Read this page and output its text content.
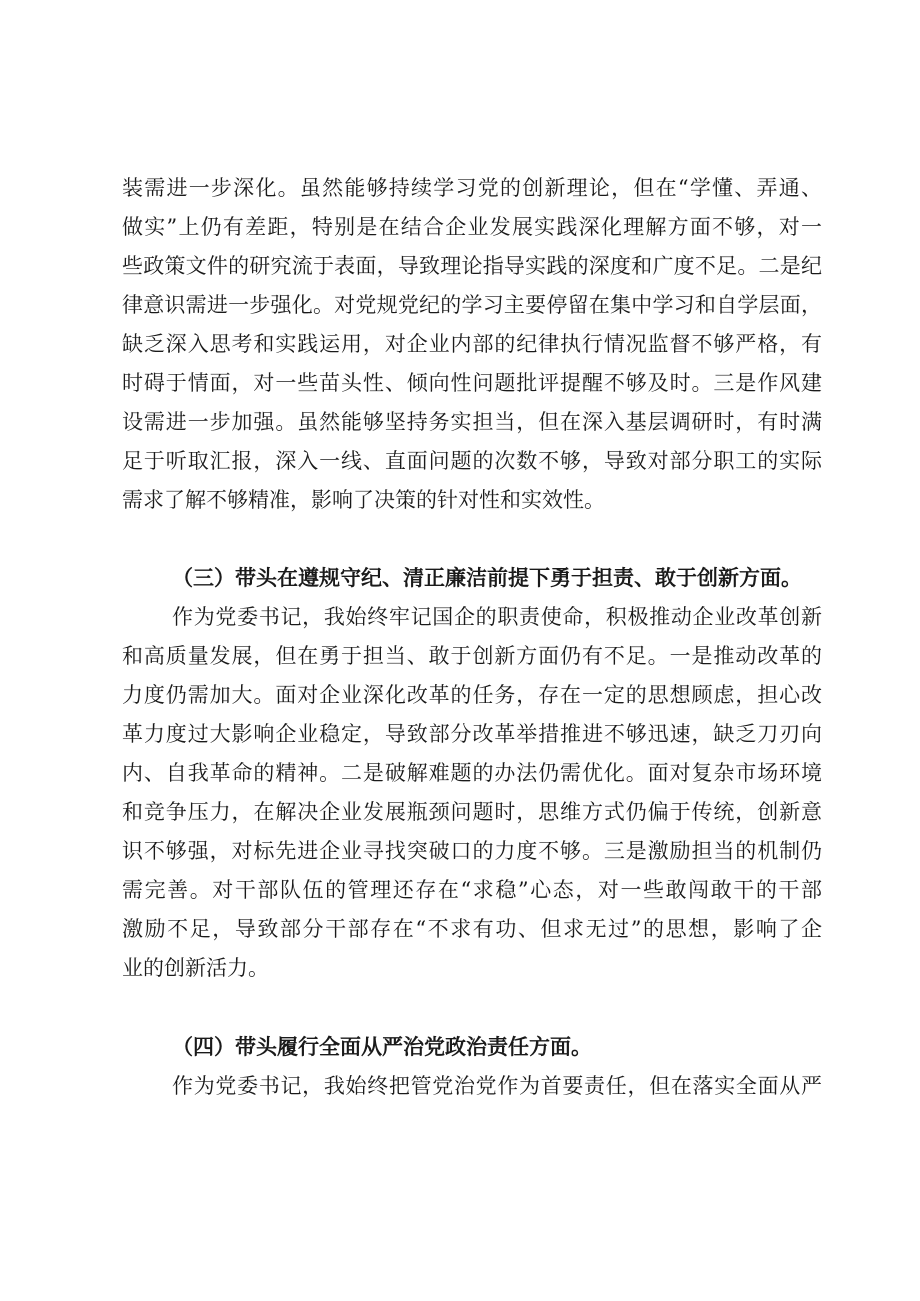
装需进一步深化。虽然能够持续学习党的创新理论，但在“学懂、弄通、

做实”上仍有差距，特别是在结合企业发展实践深化理解方面不够，对一

些政策文件的研究流于表面，导致理论指导实践的深度和广度不足。二是纪

律意识需进一步强化。对党规党纪的学习主要停留在集中学习和自学层面，

缺乏深入思考和实践运用，对企业内部的纪律执行情况监督不够严格，有

时碍于情面，对一些苗头性、倾向性问题批评提醒不够及时。三是作风建

设需进一步加强。虽然能够坚持务实担当，但在深入基层调研时，有时满

足于听取汇报，深入一线、直面问题的次数不够，导致对部分职工的实际

需求了解不够精准，影响了决策的针对性和实效性。

（三）带头在遵规守纪、清正廉洁前提下勇于担责、敢于创新方面。

作为党委书记，我始终牢记国企的职责使命，积极推动企业改革创新

和高质量发展，但在勇于担当、敢于创新方面仍有不足。一是推动改革的

力度仍需加大。面对企业深化改革的任务，存在一定的思想顾虑，担心改

革力度过大影响企业稳定，导致部分改革举措推进不够迅速，缺乏刀刃向

内、自我革命的精神。二是破解难题的办法仍需优化。面对复杂市场环境

和竞争压力，在解决企业发展瓶颈问题时，思维方式仍偏于传统，创新意

识不够强，对标先进企业寻找突破口的力度不够。三是激励担当的机制仍

需完善。对干部队伍的管理还存在“求稳”心态，对一些敢闯敢干的干部

激励不足，导致部分干部存在“不求有功、但求无过”的思想，影响了企

业的创新活力。

（四）带头履行全面从严治党政治责任方面。

作为党委书记，我始终把管党治党作为首要责任，但在落实全面从严
